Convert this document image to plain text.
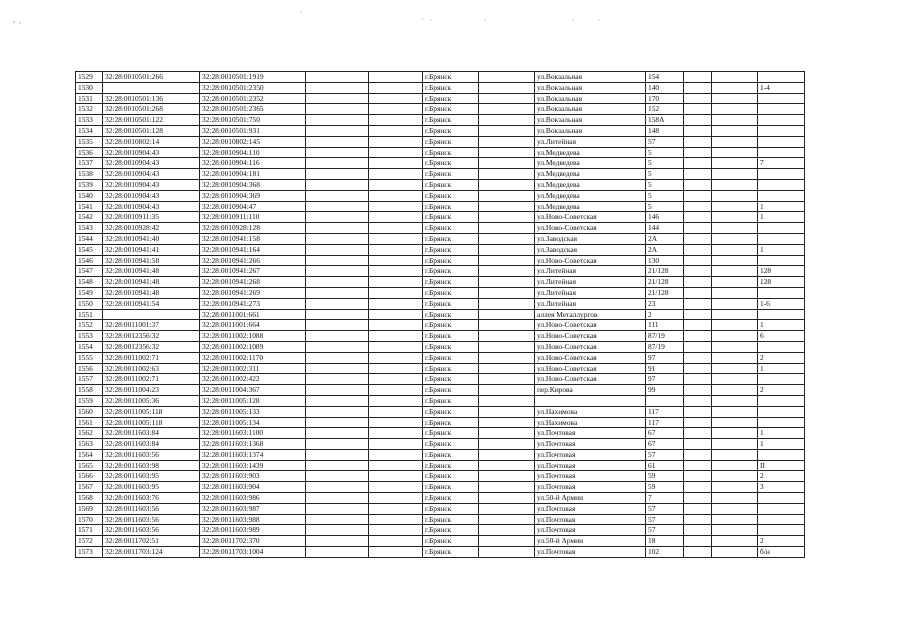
1529	32:28:0010501:266	32:28:0010501:1919			г.Брянск		ул.Вокзальная	154			
1530		32:28:0010501:2350			г.Брянск		ул.Вокзальная	140			1-4
1531	32:28:0010501:136	32:28:0010501:2352			г.Брянск		ул.Вокзальная	170			
1532	32:28:0010501:268	32:28:0010501:2365			г.Брянск		ул.Вокзальная	152			
1533	32:28:0010501:122	32:28:0010501:750			г.Брянск		ул.Вокзальная	158А			
1534	32:28:0010501:128	32:28:0010501:931			г.Брянск		ул.Вокзальная	148			
1535	32:28:0010802:14	32:28:0010802:145			г.Брянск		ул.Литейная	57			
1536	32:28:0010904:43	32:28:0010904:110			г.Брянск		ул.Медведева	5			
1537	32:28:0010904:43	32:28:0010904:116			г.Брянск		ул.Медведева	5			7
1538	32:28:0010904:43	32:28:0010904:181			г.Брянск		ул.Медведева	5			
1539	32:28:0010904:43	32:28:0010904:368			г.Брянск		ул.Медведева	5			
1540	32:28:0010904:43	32:28:0010904:369			г.Брянск		ул.Медведева	5			
1541	32:28:0010904:43	32:28:0010904:47			г.Брянск		ул.Медведева	5			1
1542	32:28:0010911:35	32:28:0010911:110			г.Брянск		ул.Ново-Советская	146			1
1543	32:28:0010928:42	32:28:0010928:128			г.Брянск		ул.Ново-Советская	144			
1544	32:28:0010941:40	32:28:0010941:158			г.Брянск		ул.Заводская	2А			
1545	32:28:0010941:41	32:28:0010941:164			г.Брянск		ул.Заводская	2А			1
1546	32:28:0010941:58	32:28:0010941:266			г.Брянск		ул.Ново-Советская	130			
1547	32:28:0010941:48	32:28:0010941:267			г.Брянск		ул.Литейная	21/128			128
1548	32:28:0010941:48	32:28:0010941:268			г.Брянск		ул.Литейная	21/128			128
1549	32:28:0010941:48	32:28:0010941:269			г.Брянск		ул.Литейная	21/128			
1550	32:28:0010941:54	32:28:0010941:273			г.Брянск		ул.Литейная	23			1-6
1551		32:28:0011001:661			г.Брянск		аллея Металлургов	2			
1552	32:28:0011001:37	32:28:0011001:664			г.Брянск		ул.Ново-Советская	111			1
1553	32:28:0012356:32	32:28:0011002:1088			г.Брянск		ул.Ново-Советская	87/19			6
1554	32:28:0012356:32	32:28:0011002:1089			г.Брянск		ул.Ново-Советская	87/19			
1555	32:28:0011002:71	32:28:0011002:1170			г.Брянск		ул.Ново-Советская	97			2
1556	32:28:0011002:63	32:28:0011002:311			г.Брянск		ул.Ново-Советская	91			1
1557	32:28:0011002:71	32:28:0011002:422			г.Брянск		ул.Ново-Советская	97			
1558	32:28:0011004:23	32:28:0011004:367			г.Брянск		пер.Кирова	99			2
1559	32:28:0011005:36	32:28:0011005:128			г.Брянск						
1560	32:28:0011005:118	32:28:0011005:133			г.Брянск		ул.Нахимова	117			
1561	32:28:0011005:118	32:28:0011005:134			г.Брянск		ул.Нахимова	117			
1562	32:28:0011603:84	32:28:0011603:1100			г.Брянск		ул.Почтовая	67			1
1563	32:28:0011603:84	32:28:0011603:1368			г.Брянск		ул.Почтовая	67			1
1564	32:28:0011603:56	32:28:0011603:1374			г.Брянск		ул.Почтовая	57			
1565	32:28:0011603:98	32:28:0011603:1439			г.Брянск		ул.Почтовая	61			II
1566	32:28:0011603:95	32:28:0011603:903			г.Брянск		ул.Почтовая	59			2
1567	32:28:0011603:95	32:28:0011603:904			г.Брянск		ул.Почтовая	59			3
1568	32:28:0011603:76	32:28:0011603:986			г.Брянск		ул.50-й Армии	7			
1569	32:28:0011603:56	32:28:0011603:987			г.Брянск		ул.Почтовая	57			
1570	32:28:0011603:56	32:28:0011603:988			г.Брянск		ул.Почтовая	57			
1571	32:28:0011603:56	32:28:0011603:989			г.Брянск		ул.Почтовая	57			
1572	32:28:0011702:51	32:28:0011702:370			г.Брянск		ул.50-й Армии	18			2
1573	32:28:0011703:124	32:28:0011703:1004			г.Брянск		ул.Почтовая	102			б/н
